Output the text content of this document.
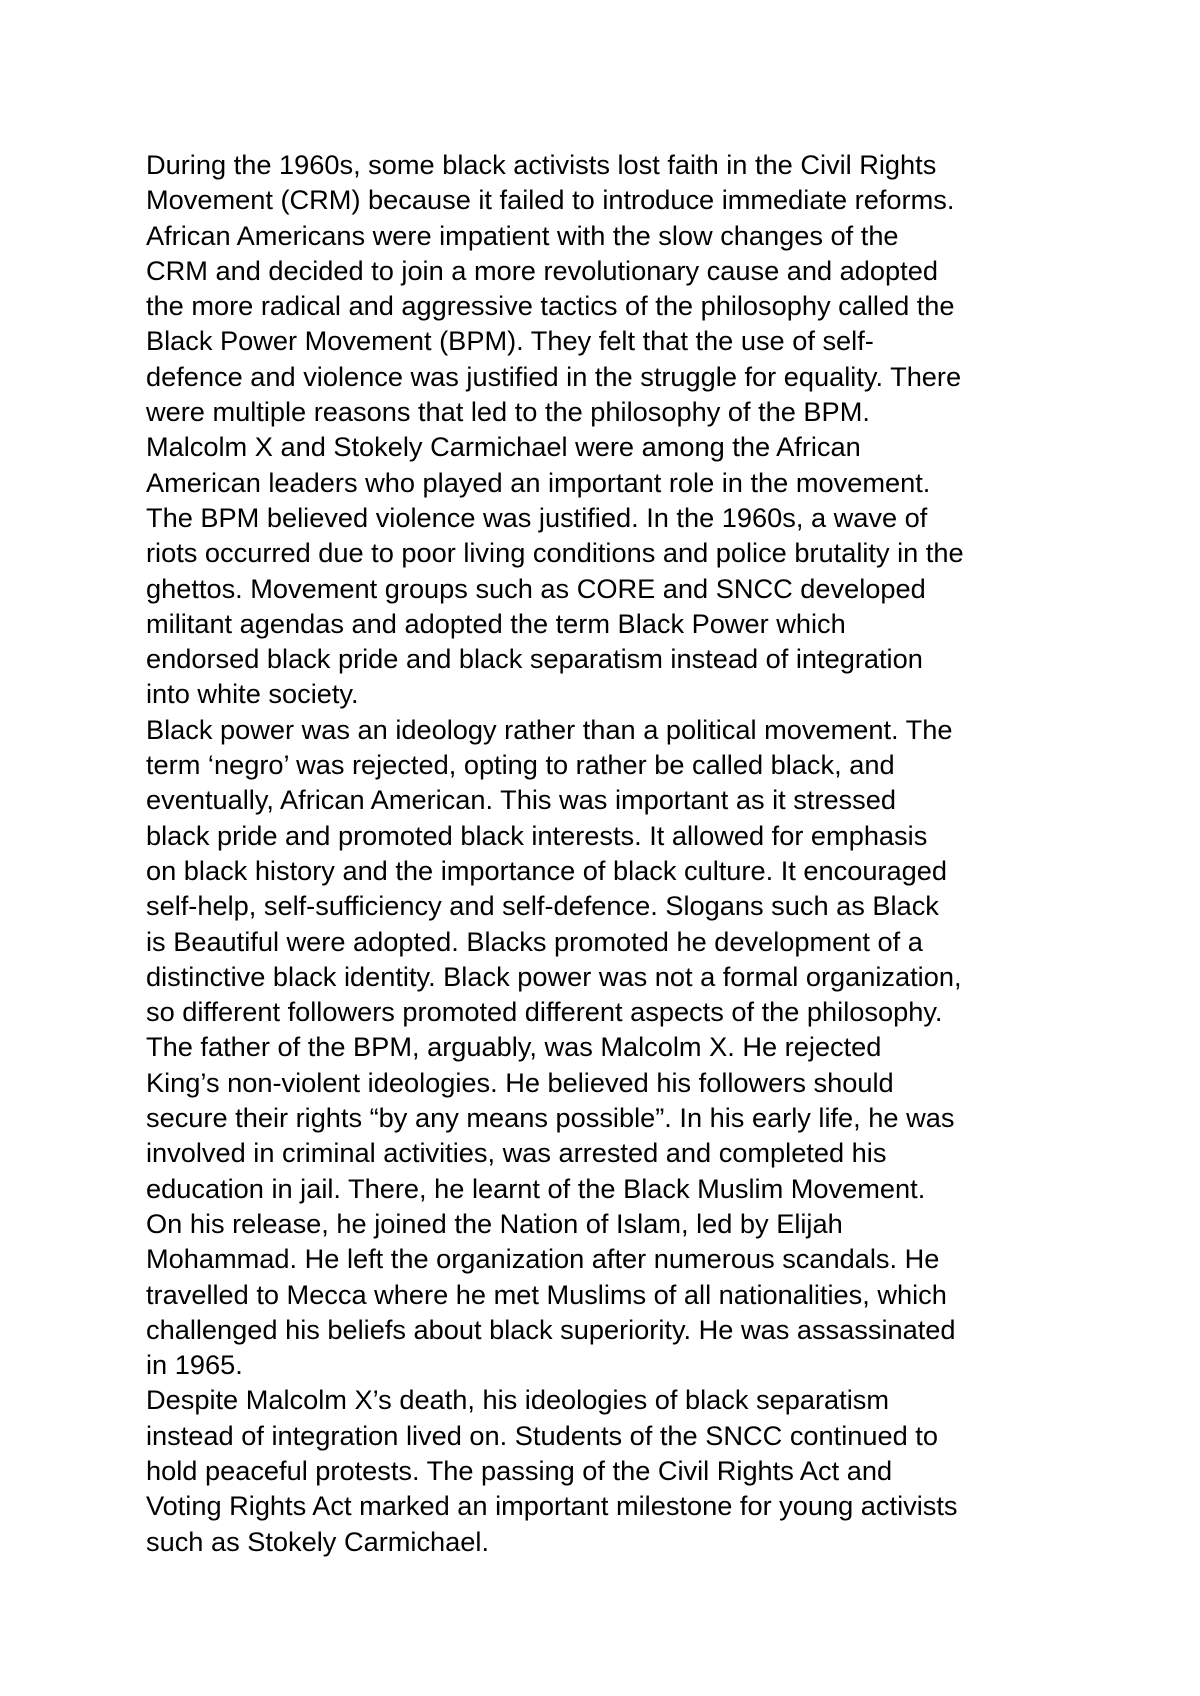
During the 1960s, some black activists lost faith in the Civil Rights
Movement (CRM) because it failed to introduce immediate reforms.
African Americans were impatient with the slow changes of the
CRM and decided to join a more revolutionary cause and adopted
the more radical and aggressive tactics of the philosophy called the
Black Power Movement (BPM). They felt that the use of self-
defence and violence was justified in the struggle for equality. There
were multiple reasons that led to the philosophy of the BPM.
Malcolm X and Stokely Carmichael were among the African
American leaders who played an important role in the movement.
The BPM believed violence was justified. In the 1960s, a wave of
riots occurred due to poor living conditions and police brutality in the
ghettos. Movement groups such as CORE and SNCC developed
militant agendas and adopted the term Black Power which
endorsed black pride and black separatism instead of integration
into white society.
Black power was an ideology rather than a political movement. The
term ‘negro’ was rejected, opting to rather be called black, and
eventually, African American. This was important as it stressed
black pride and promoted black interests. It allowed for emphasis
on black history and the importance of black culture. It encouraged
self-help, self-sufficiency and self-defence. Slogans such as Black
is Beautiful were adopted. Blacks promoted he development of a
distinctive black identity. Black power was not a formal organization,
so different followers promoted different aspects of the philosophy.
The father of the BPM, arguably, was Malcolm X. He rejected
King’s non-violent ideologies. He believed his followers should
secure their rights “by any means possible”. In his early life, he was
involved in criminal activities, was arrested and completed his
education in jail. There, he learnt of the Black Muslim Movement.
On his release, he joined the Nation of Islam, led by Elijah
Mohammad. He left the organization after numerous scandals. He
travelled to Mecca where he met Muslims of all nationalities, which
challenged his beliefs about black superiority. He was assassinated
in 1965.
Despite Malcolm X’s death, his ideologies of black separatism
instead of integration lived on. Students of the SNCC continued to
hold peaceful protests. The passing of the Civil Rights Act and
Voting Rights Act marked an important milestone for young activists
such as Stokely Carmichael.
